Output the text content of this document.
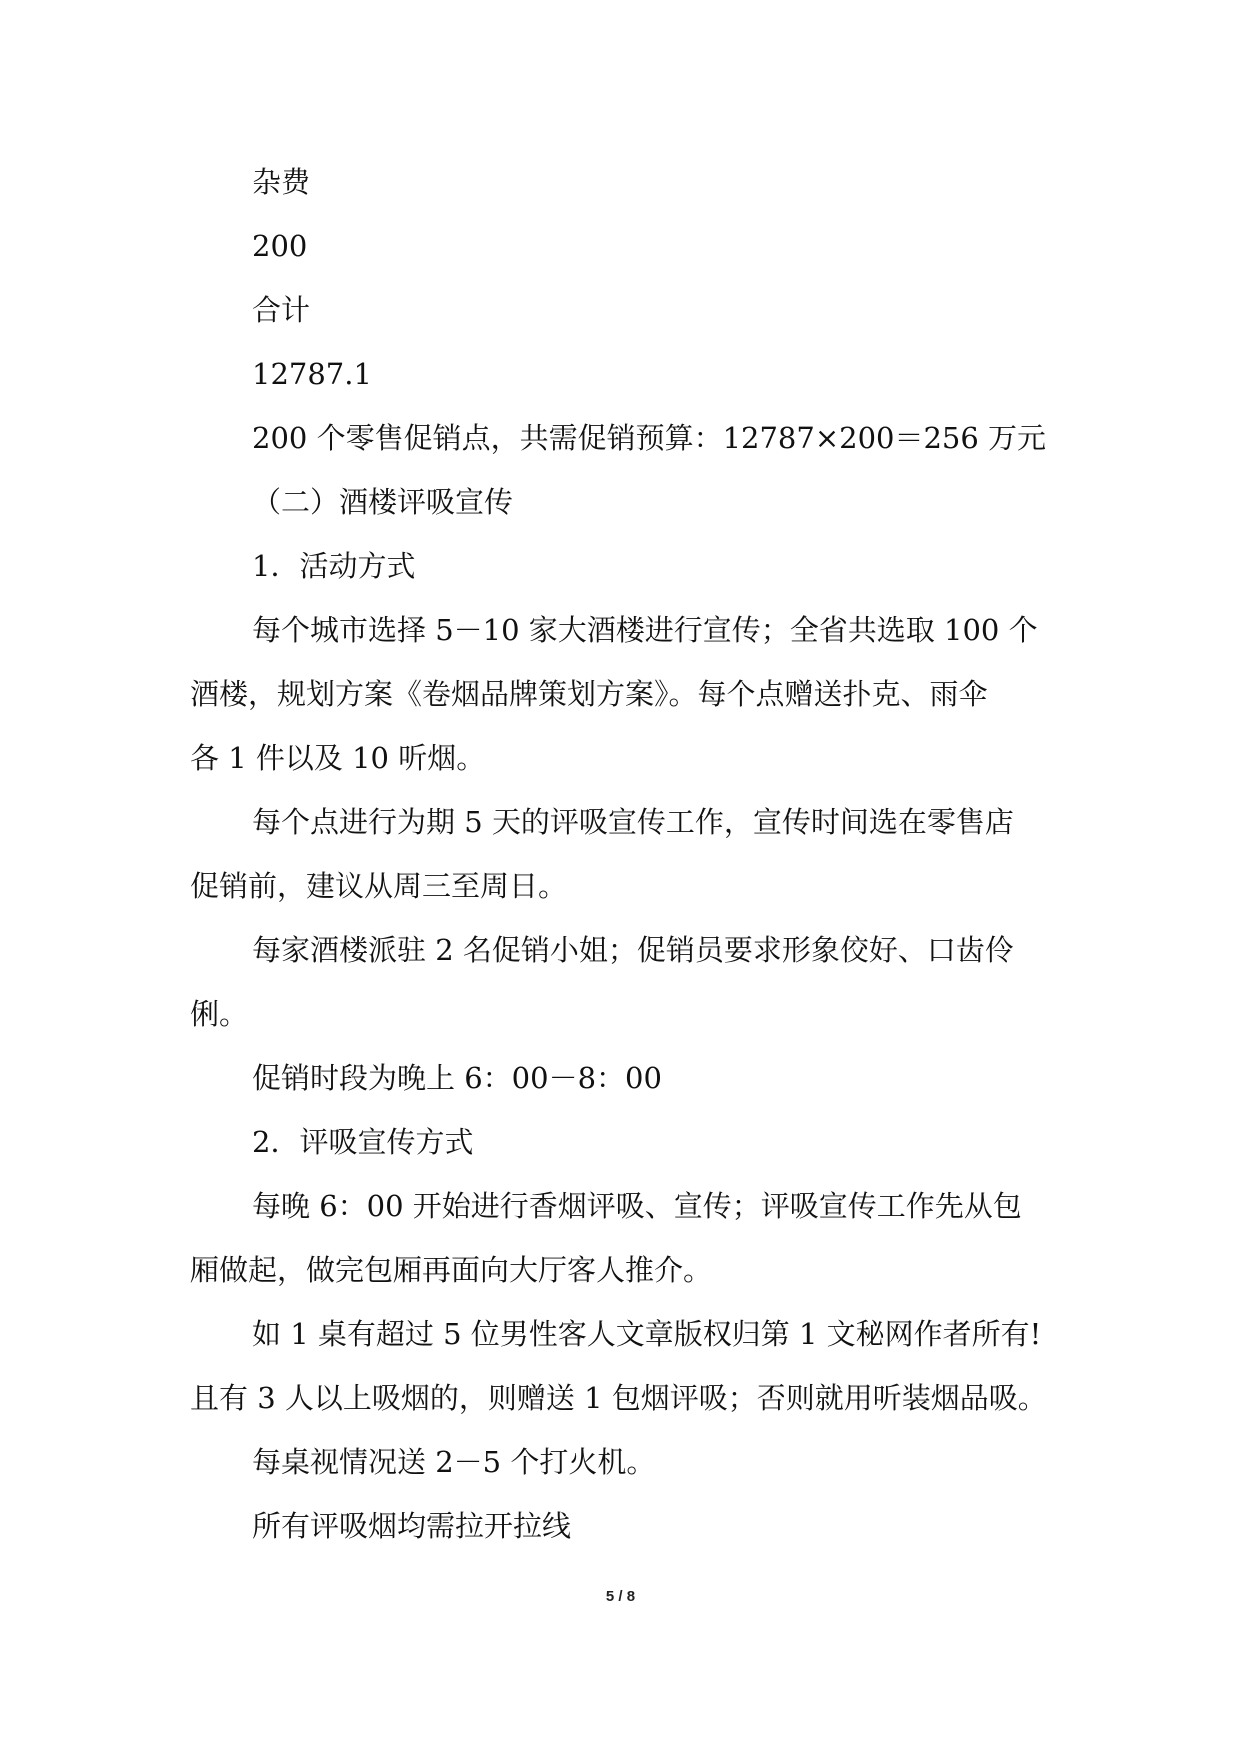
杂费
200
合计
12787.1
200 个零售促销点，共需促销预算：12787×200＝256 万元
（二）酒楼评吸宣传
1．活动方式
每个城市选择 5－10 家大酒楼进行宣传；全省共选取 100 个
酒楼，规划方案《卷烟品牌策划方案》。每个点赠送扑克、雨伞
各 1 件以及 10 听烟。
每个点进行为期 5 天的评吸宣传工作，宣传时间选在零售店
促销前，建议从周三至周日。
每家酒楼派驻 2 名促销小姐；促销员要求形象佼好、口齿伶
俐。
促销时段为晚上 6：00－8：00
2．评吸宣传方式
每晚 6：00 开始进行香烟评吸、宣传；评吸宣传工作先从包
厢做起，做完包厢再面向大厅客人推介。
如 1 桌有超过 5 位男性客人文章版权归第 1 文秘网作者所有!
且有 3 人以上吸烟的，则赠送 1 包烟评吸；否则就用听装烟品吸。
每桌视情况送 2－5 个打火机。
所有评吸烟均需拉开拉线
5 / 8
